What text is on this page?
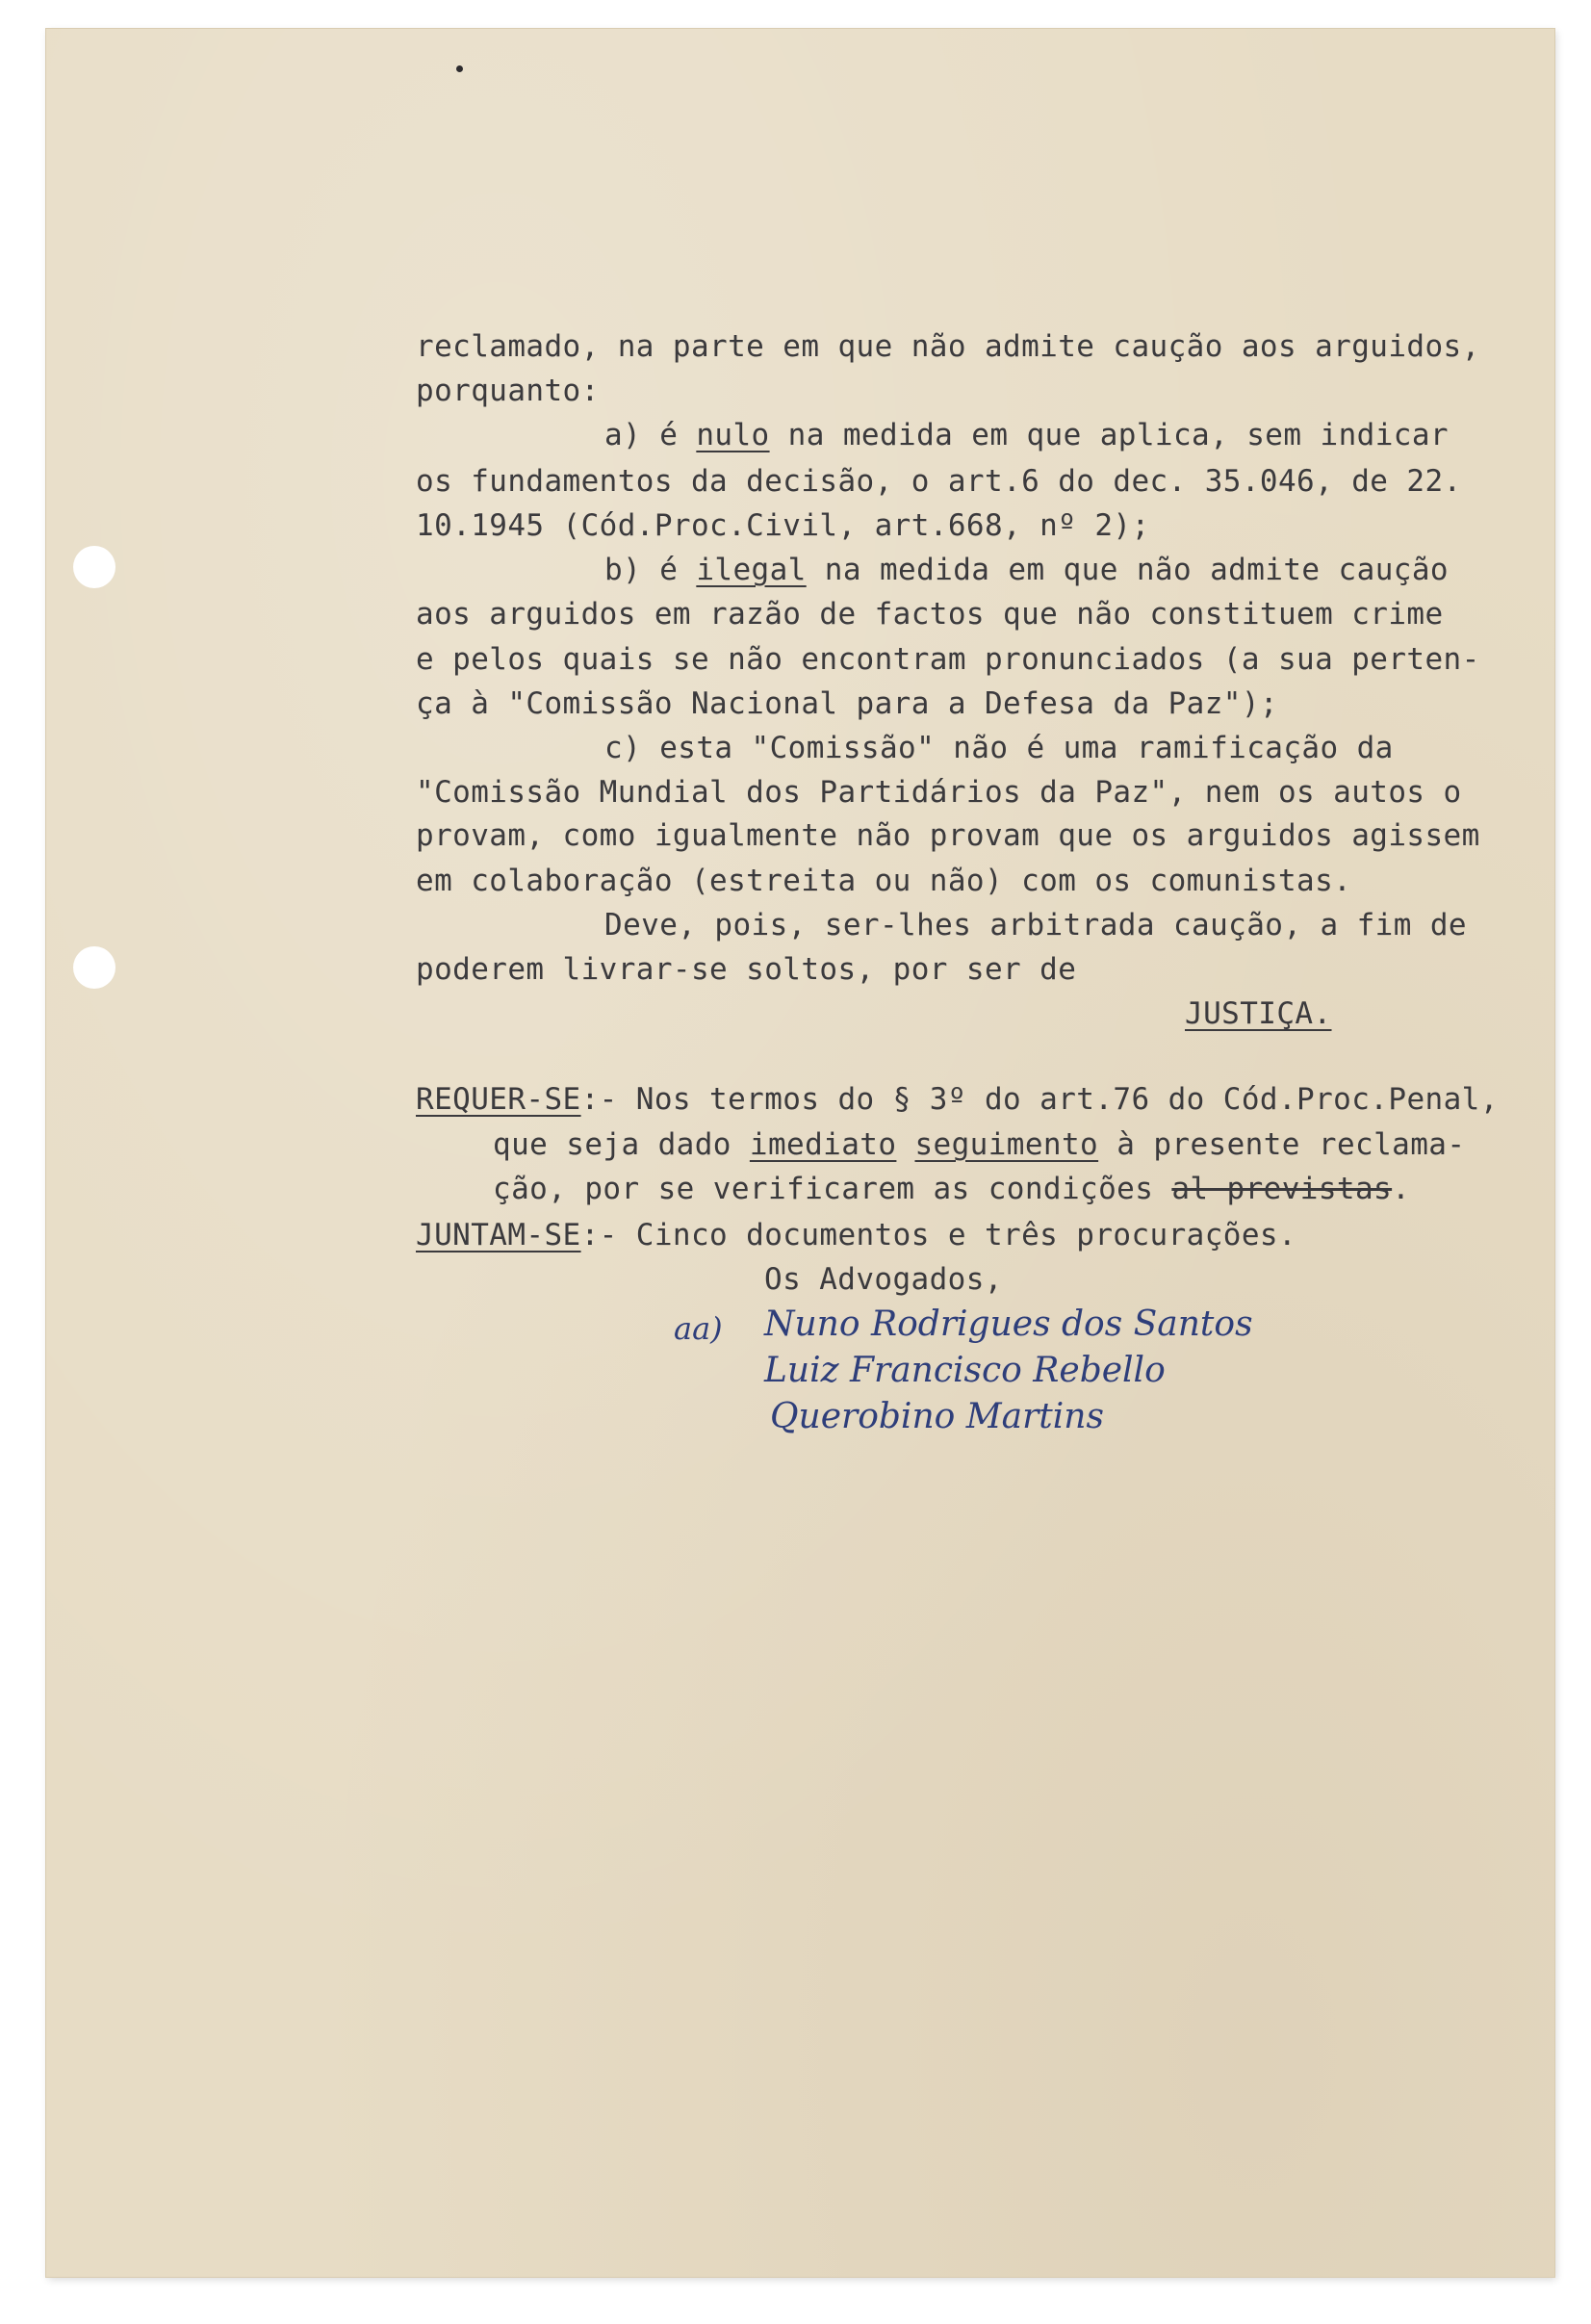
reclamado, na parte em que não admite caução aos arguidos,
porquanto:
a) é nulo na medida em que aplica, sem indicar
os fundamentos da decisão, o art.6 do dec. 35.046, de 22.
10.1945 (Cód.Proc.Civil, art.668, nº 2);
b) é ilegal na medida em que não admite caução
aos arguidos em razão de factos que não constituem crime
e pelos quais se não encontram pronunciados (a sua perten-
ça à "Comissão Nacional para a Defesa da Paz");
c) esta "Comissão" não é uma ramificação da
"Comissão Mundial dos Partidários da Paz", nem os autos o
provam, como igualmente não provam que os arguidos agissem
em colaboração (estreita ou não) com os comunistas.
Deve, pois, ser-lhes arbitrada caução, a fim de
poderem livrar-se soltos, por ser de
JUSTIÇA.
REQUER-SE:- Nos termos do § 3º do art.76 do Cód.Proc.Penal,
que seja dado imediato seguimento à presente reclama-
ção, por se verificarem as condições al previstas.
JUNTAM-SE:- Cinco documentos e três procurações.
Os Advogados,
aa) Nuno Rodrigues dos Santos
Luiz Francisco Rebello
Querobino Martins
